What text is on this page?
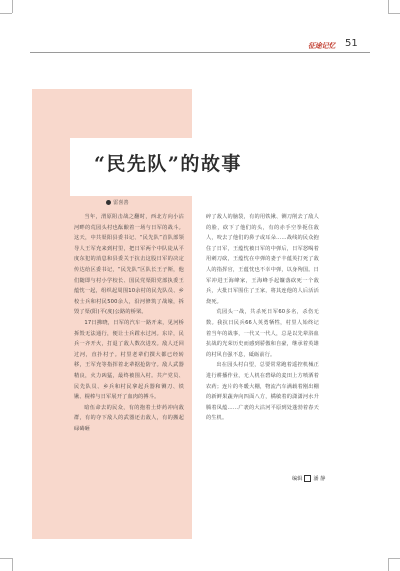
征途记忆 51
“民先队”的故事
雷喜善

当年，渭原阻击战之翻时，西北方向小沽河畔的荒园头村也酝酿着一场与日军的战斗。这天，中共渠阳县委书记、“民先队”首队部领导人王军充来到村里，把日军两个中队徒从平度东犯的消息和县委关于抗击这股日军的决定传达给区委书记，“民先队”区队长王子斯，他们随即与村小学校长、国民党渠阳党部执委王蕴忱一起，组织起周围10余村的民先队员、乡校士兵和村民500余人，沿河修筑了战壕，拆毁了渠(阳)平(度)公路的桥梁。

17日拂晓，日军的汽车一路开来，见河桥拆毁无法通行，便让士兵蹚水过河。东岸，民兵一齐开火，打退了敌人数次进攻。敌人迁回过河，直扑村子。村里老辈们撰大都已经转移，王军充等指挥着北辈据抢防守。敌人武器精良，火力凶猛，最终被围入村。共产党员、民先队员、乡兵和村民拿起兵器和铡刀、铁锹、棍棒与日军展开了血肉的搏斗。

暗伍命去的民众，有的抱着土炸药冲向敌群，有的夺下敌人的武器还击敌人，有的搬起碌碡砸

碎了敌人的脑袋，有的用铁锹、铡刀削去了敌人的脸，砍下了他们的头，有的赤手空拳扼住敌人，咬去了他们的鼻子或耳朵……战线的民众抱住了日军，王蕴忱被日军的中弹后，日军怒喝着用刺刀砍，王蕴忱在中弹的妻子丰蕴英打死了敌人的指挥官，王蕴忱也不幸中弹，以身殉国。日军冲进王海峰家，王海峰手起镰落砍死一个敌兵，大批日军围住了王家，将其连他的人后活活烧死。

荒园头一战，共杀死日军60多名，杀伤无数。我抗日民兵66人英勇牺牲，村里人始终记着当年的战事，一代又一代人，总是以先辈浴血抗战的光荣历史而感到骄傲和自豪，继承着英雄的村风自强不息，砥砺前行。

出在园头村白望，总要常常跑着遥控机械正进行耕播作业，无人机在碧绿的麦田上方喷洒着农药；连片的冬暖大棚，物流汽车满载着刚出棚的新鲜果蔬奔向四面八方，橘敏着的潇潇河水升腾着凤蕴……广袤的大沽河平原到处蓬勃着春天的生机。

编辑 潘 静
